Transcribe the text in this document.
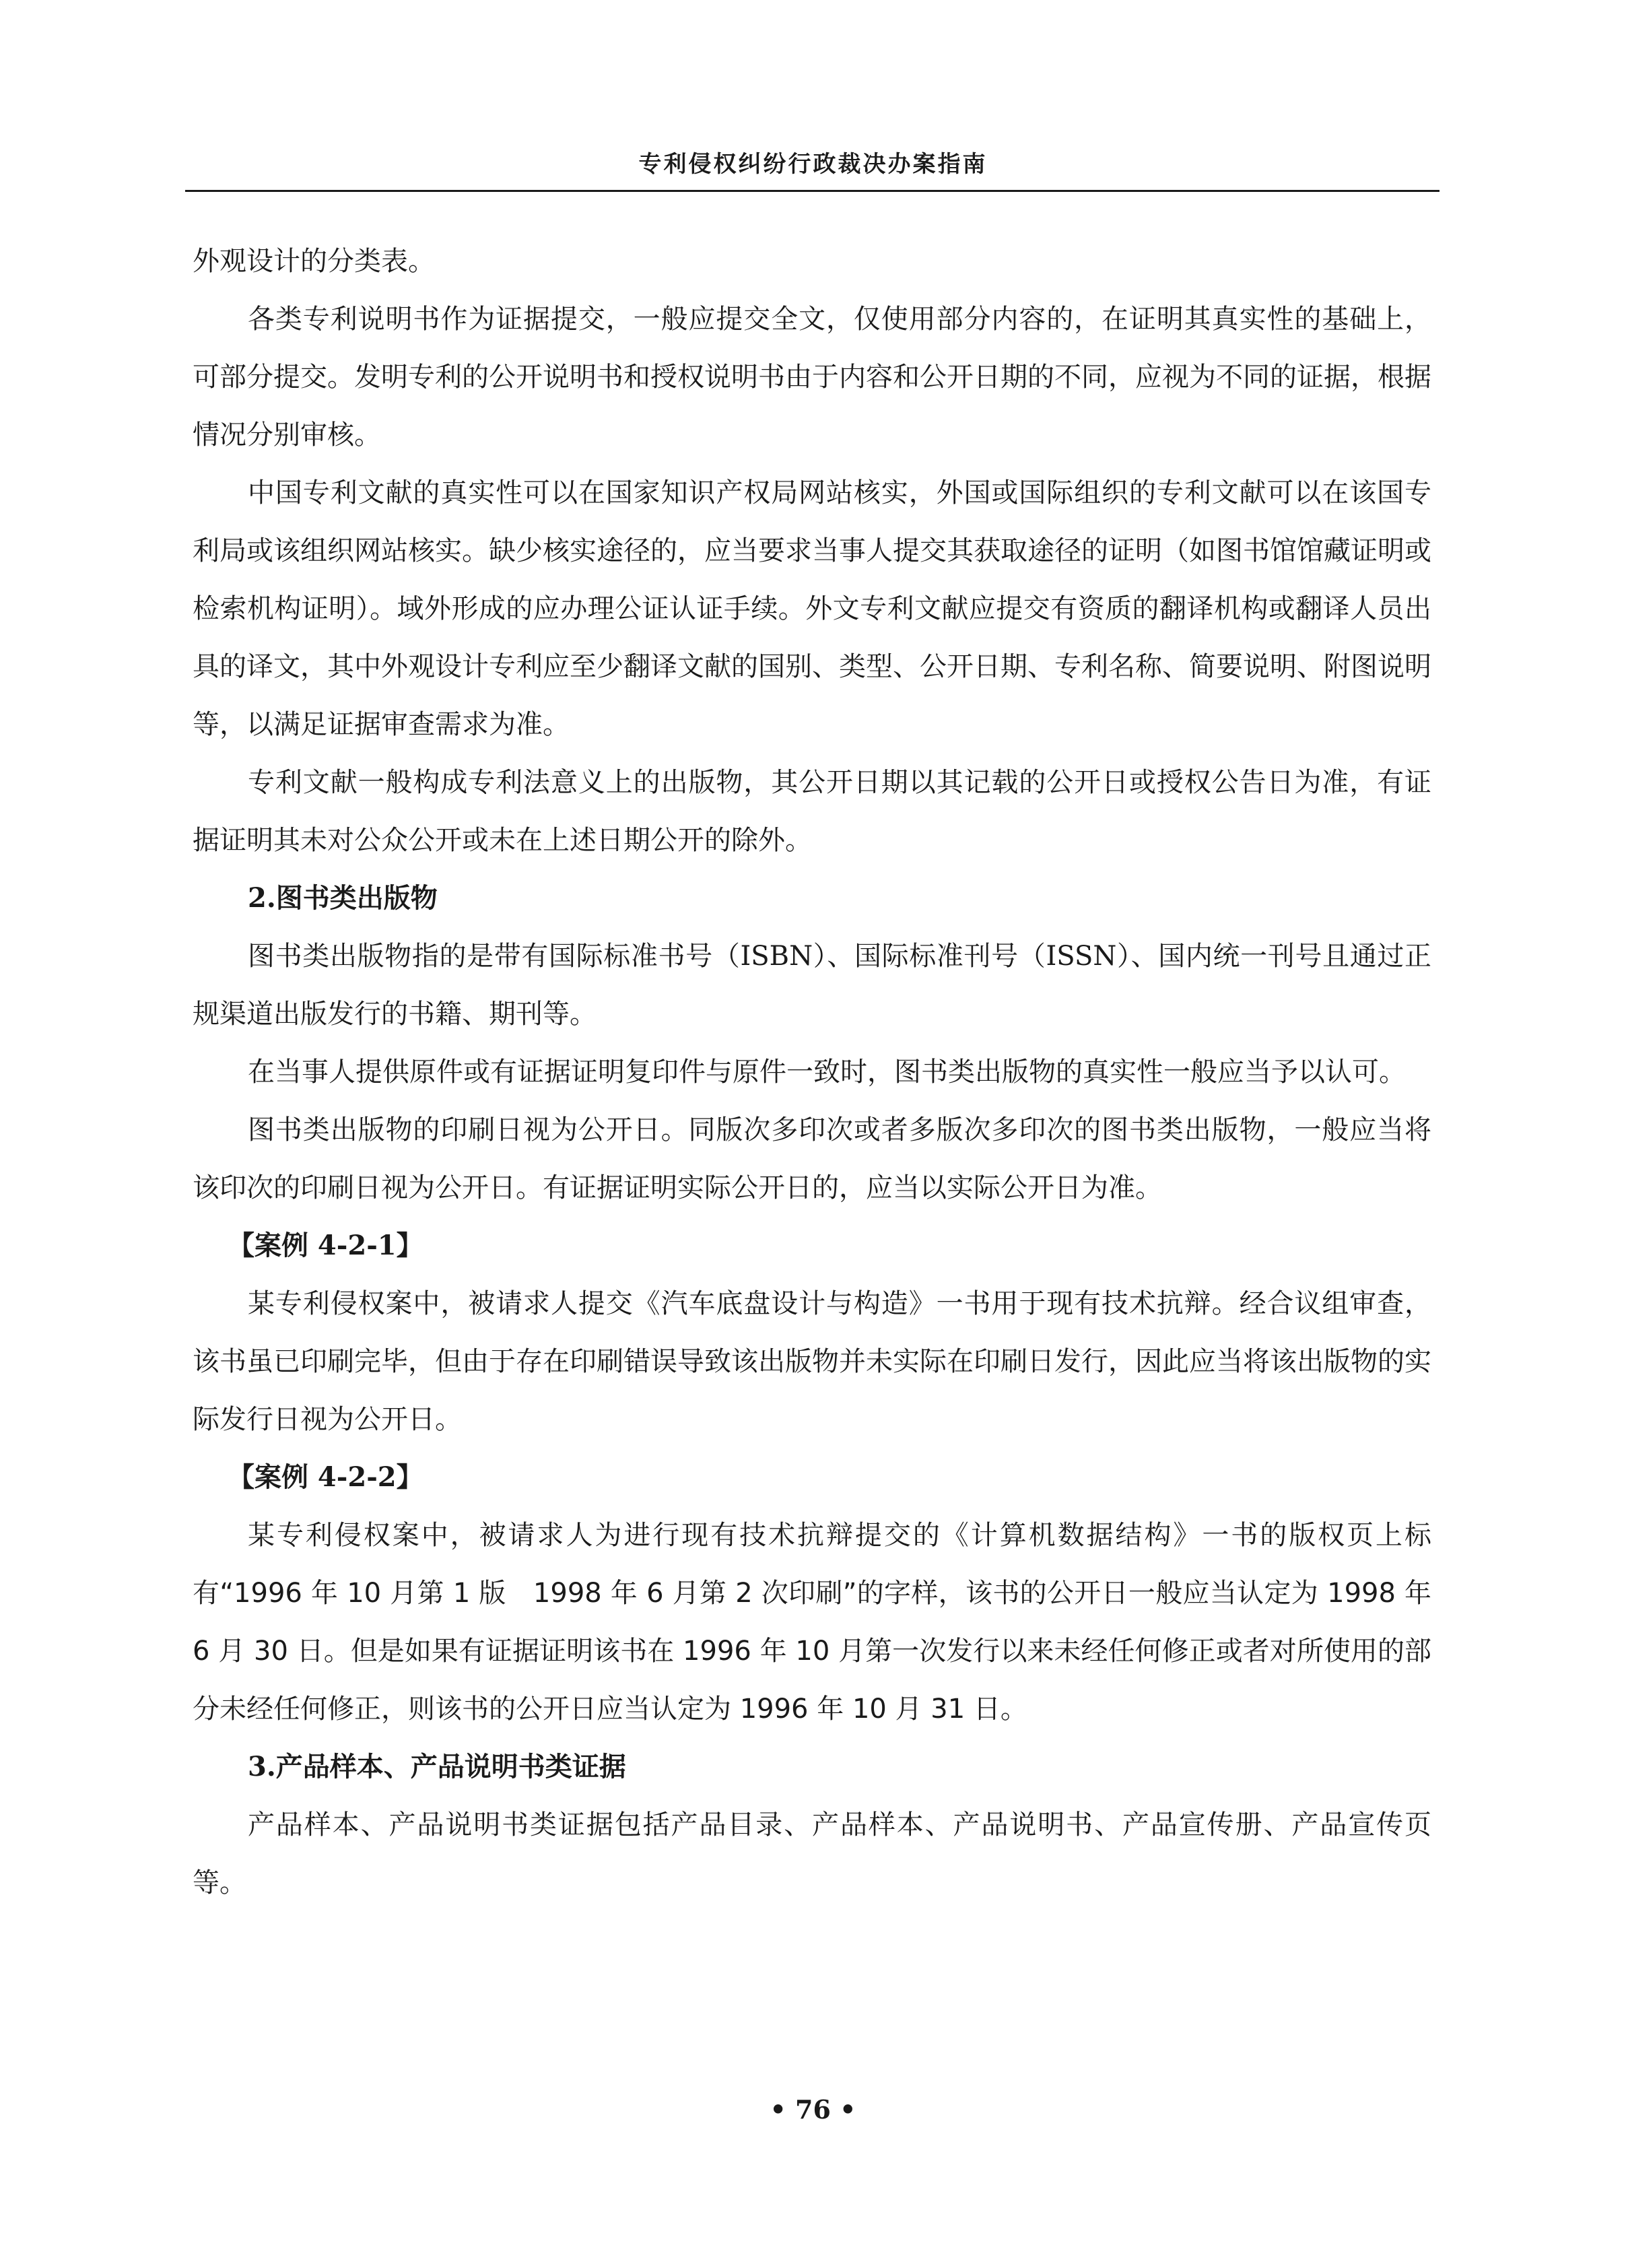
专利侵权纠纷行政裁决办案指南

外观设计的分类表。

各类专利说明书作为证据提交，一般应提交全文，仅使用部分内容的，在证明其真实性的基础上，可部分提交。发明专利的公开说明书和授权说明书由于内容和公开日期的不同，应视为不同的证据，根据情况分别审核。

中国专利文献的真实性可以在国家知识产权局网站核实，外国或国际组织的专利文献可以在该国专利局或该组织网站核实。缺少核实途径的，应当要求当事人提交其获取途径的证明（如图书馆馆藏证明或检索机构证明）。域外形成的应办理公证认证手续。外文专利文献应提交有资质的翻译机构或翻译人员出具的译文，其中外观设计专利应至少翻译文献的国别、类型、公开日期、专利名称、简要说明、附图说明等，以满足证据审查需求为准。

专利文献一般构成专利法意义上的出版物，其公开日期以其记载的公开日或授权公告日为准，有证据证明其未对公众公开或未在上述日期公开的除外。

2.图书类出版物

图书类出版物指的是带有国际标准书号（ISBN）、国际标准刊号（ISSN）、国内统一刊号且通过正规渠道出版发行的书籍、期刊等。

在当事人提供原件或有证据证明复印件与原件一致时，图书类出版物的真实性一般应当予以认可。

图书类出版物的印刷日视为公开日。同版次多印次或者多版次多印次的图书类出版物，一般应当将该印次的印刷日视为公开日。有证据证明实际公开日的，应当以实际公开日为准。

【案例 4-2-1】

某专利侵权案中，被请求人提交《汽车底盘设计与构造》一书用于现有技术抗辩。经合议组审查，该书虽已印刷完毕，但由于存在印刷错误导致该出版物并未实际在印刷日发行，因此应当将该出版物的实际发行日视为公开日。

【案例 4-2-2】

某专利侵权案中，被请求人为进行现有技术抗辩提交的《计算机数据结构》一书的版权页上标有“1996 年 10 月第 1 版　1998 年 6 月第 2 次印刷”的字样，该书的公开日一般应当认定为 1998 年 6 月 30 日。但是如果有证据证明该书在 1996 年 10 月第一次发行以来未经任何修正或者对所使用的部分未经任何修正，则该书的公开日应当认定为 1996 年 10 月 31 日。

3.产品样本、产品说明书类证据

产品样本、产品说明书类证据包括产品目录、产品样本、产品说明书、产品宣传册、产品宣传页等。

• 76 •
